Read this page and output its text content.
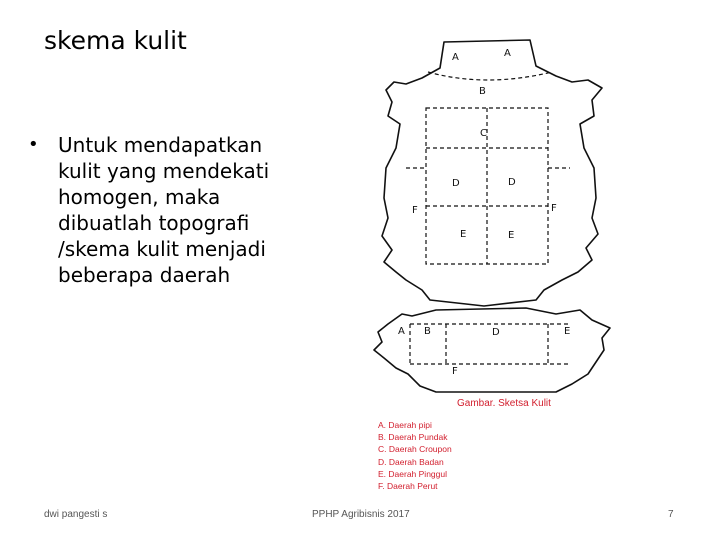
skema kulit
• Untuk mendapatkan kulit yang mendekati homogen, maka dibuatlah topografi /skema kulit menjadi beberapa daerah
A	A
B
C
D	D
F	F
E	E
A B	D	E
F
Gambar. Sketsa Kulit
A. Daerah pipi
B. Daerah Pundak
C. Daerah Croupon
D. Daerah Badan
E. Daerah Pinggul
F. Daerah Perut
dwi pangesti s	PPHP Agribisnis 2017	7
